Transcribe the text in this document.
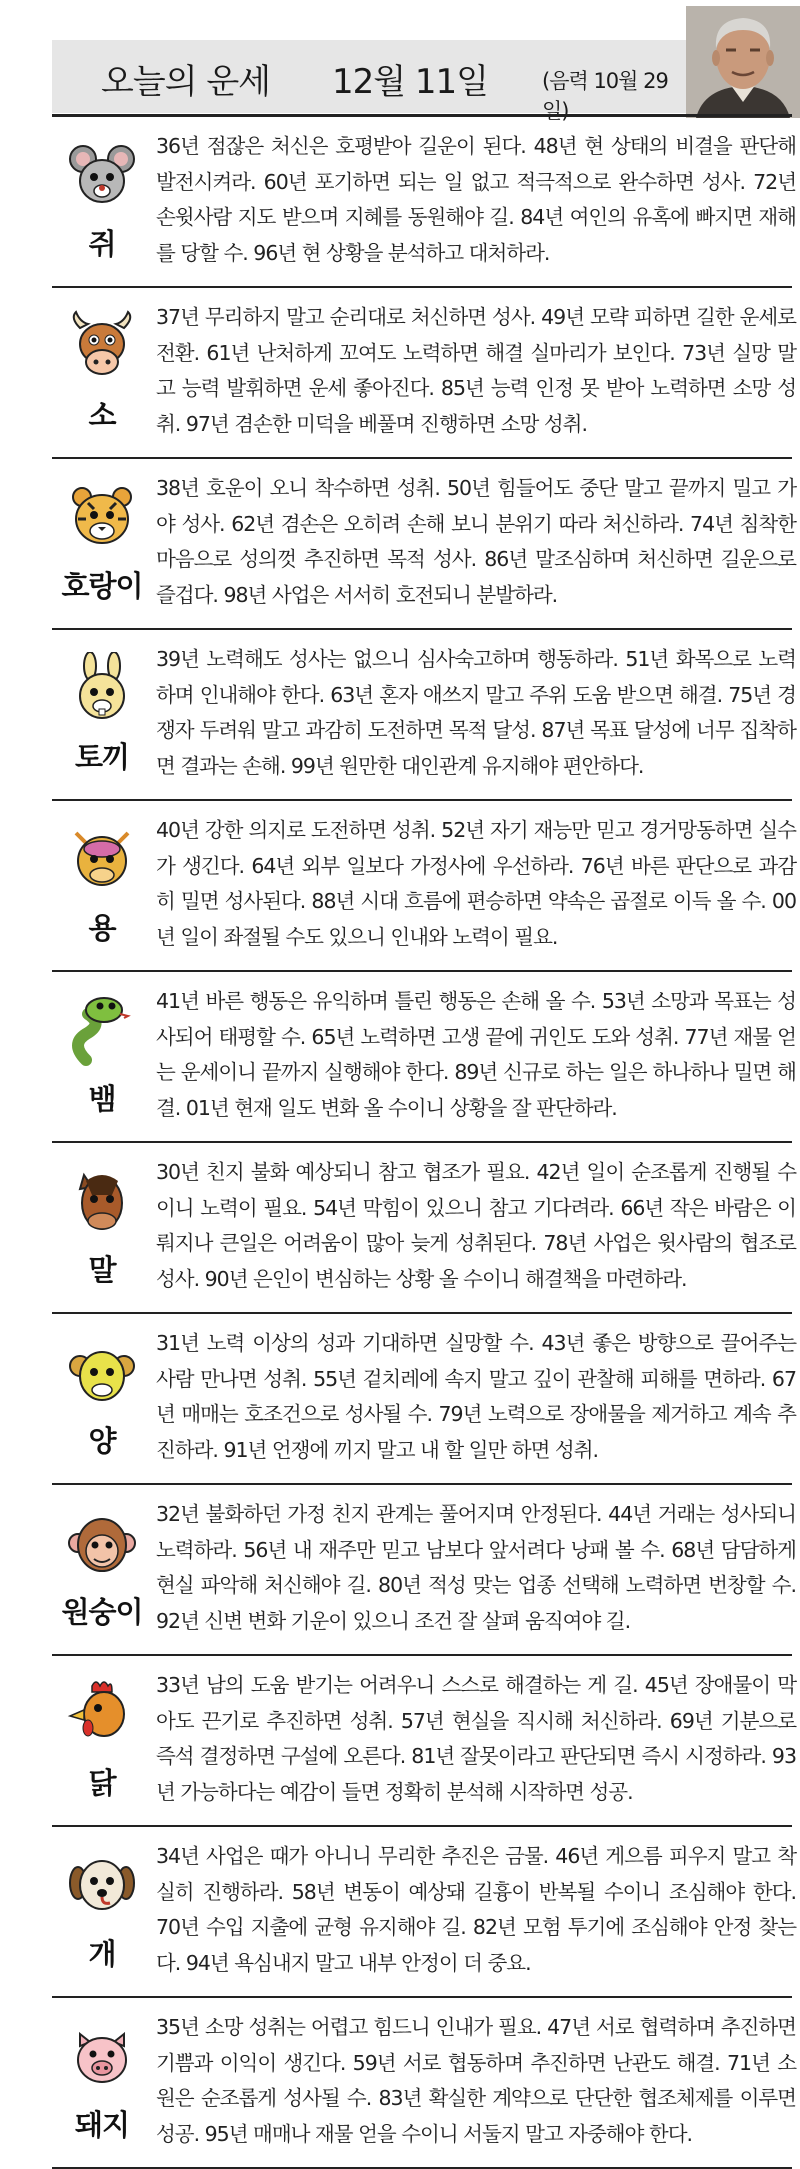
오늘의 운세 12월 11일	(음력 10월 29일)
쥐

36년 점잖은 처신은 호평받아 길운이 된다. 48년 현 상태의 비결을 판단해 발전시켜라. 60년 포기하면 되는 일 없고 적극적으로 완수하면 성사. 72년 손윗사람 지도 받으며 지혜를 동원해야 길. 84년 여인의 유혹에 빠지면 재해를 당할 수. 96년 현 상황을 분석하고 대처하라.

소

37년 무리하지 말고 순리대로 처신하면 성사. 49년 모략 피하면 길한 운세로 전환. 61년 난처하게 꼬여도 노력하면 해결 실마리가 보인다. 73년 실망 말고 능력 발휘하면 운세 좋아진다. 85년 능력 인정 못 받아 노력하면 소망 성취. 97년 겸손한 미덕을 베풀며 진행하면 소망 성취.

호랑이

38년 호운이 오니 착수하면 성취. 50년 힘들어도 중단 말고 끝까지 밀고 가야 성사. 62년 겸손은 오히려 손해 보니 분위기 따라 처신하라. 74년 침착한 마음으로 성의껏 추진하면 목적 성사. 86년 말조심하며 처신하면 길운으로 즐겁다. 98년 사업은 서서히 호전되니 분발하라.

토끼

39년 노력해도 성사는 없으니 심사숙고하며 행동하라. 51년 화목으로 노력하며 인내해야 한다. 63년 혼자 애쓰지 말고 주위 도움 받으면 해결. 75년 경쟁자 두려워 말고 과감히 도전하면 목적 달성. 87년 목표 달성에 너무 집착하면 결과는 손해. 99년 원만한 대인관계 유지해야 편안하다.

용

40년 강한 의지로 도전하면 성취. 52년 자기 재능만 믿고 경거망동하면 실수가 생긴다. 64년 외부 일보다 가정사에 우선하라. 76년 바른 판단으로 과감히 밀면 성사된다. 88년 시대 흐름에 편승하면 약속은 곱절로 이득 올 수. 00년 일이 좌절될 수도 있으니 인내와 노력이 필요.

뱀

41년 바른 행동은 유익하며 틀린 행동은 손해 올 수. 53년 소망과 목표는 성사되어 태평할 수. 65년 노력하면 고생 끝에 귀인도 도와 성취. 77년 재물 얻는 운세이니 끝까지 실행해야 한다. 89년 신규로 하는 일은 하나하나 밀면 해결. 01년 현재 일도 변화 올 수이니 상황을 잘 판단하라.

말

30년 친지 불화 예상되니 참고 협조가 필요. 42년 일이 순조롭게 진행될 수이니 노력이 필요. 54년 막힘이 있으니 참고 기다려라. 66년 작은 바람은 이뤄지나 큰일은 어려움이 많아 늦게 성취된다. 78년 사업은 윗사람의 협조로 성사. 90년 은인이 변심하는 상황 올 수이니 해결책을 마련하라.

양

31년 노력 이상의 성과 기대하면 실망할 수. 43년 좋은 방향으로 끌어주는 사람 만나면 성취. 55년 겉치레에 속지 말고 깊이 관찰해 피해를 면하라. 67년 매매는 호조건으로 성사될 수. 79년 노력으로 장애물을 제거하고 계속 추진하라. 91년 언쟁에 끼지 말고 내 할 일만 하면 성취.

원숭이

32년 불화하던 가정 친지 관계는 풀어지며 안정된다. 44년 거래는 성사되니 노력하라. 56년 내 재주만 믿고 남보다 앞서려다 낭패 볼 수. 68년 담담하게 현실 파악해 처신해야 길. 80년 적성 맞는 업종 선택해 노력하면 번창할 수. 92년 신변 변화 기운이 있으니 조건 잘 살펴 움직여야 길.

닭

33년 남의 도움 받기는 어려우니 스스로 해결하는 게 길. 45년 장애물이 막아도 끈기로 추진하면 성취. 57년 현실을 직시해 처신하라. 69년 기분으로 즉석 결정하면 구설에 오른다. 81년 잘못이라고 판단되면 즉시 시정하라. 93년 가능하다는 예감이 들면 정확히 분석해 시작하면 성공.

개

34년 사업은 때가 아니니 무리한 추진은 금물. 46년 게으름 피우지 말고 착실히 진행하라. 58년 변동이 예상돼 길흉이 반복될 수이니 조심해야 한다. 70년 수입 지출에 균형 유지해야 길. 82년 모험 투기에 조심해야 안정 찾는다. 94년 욕심내지 말고 내부 안정이 더 중요.

돼지

35년 소망 성취는 어렵고 힘드니 인내가 필요. 47년 서로 협력하며 추진하면 기쁨과 이익이 생긴다. 59년 서로 협동하며 추진하면 난관도 해결. 71년 소원은 순조롭게 성사될 수. 83년 확실한 계약으로 단단한 협조체제를 이루면 성공. 95년 매매나 재물 얻을 수이니 서둘지 말고 자중해야 한다.
